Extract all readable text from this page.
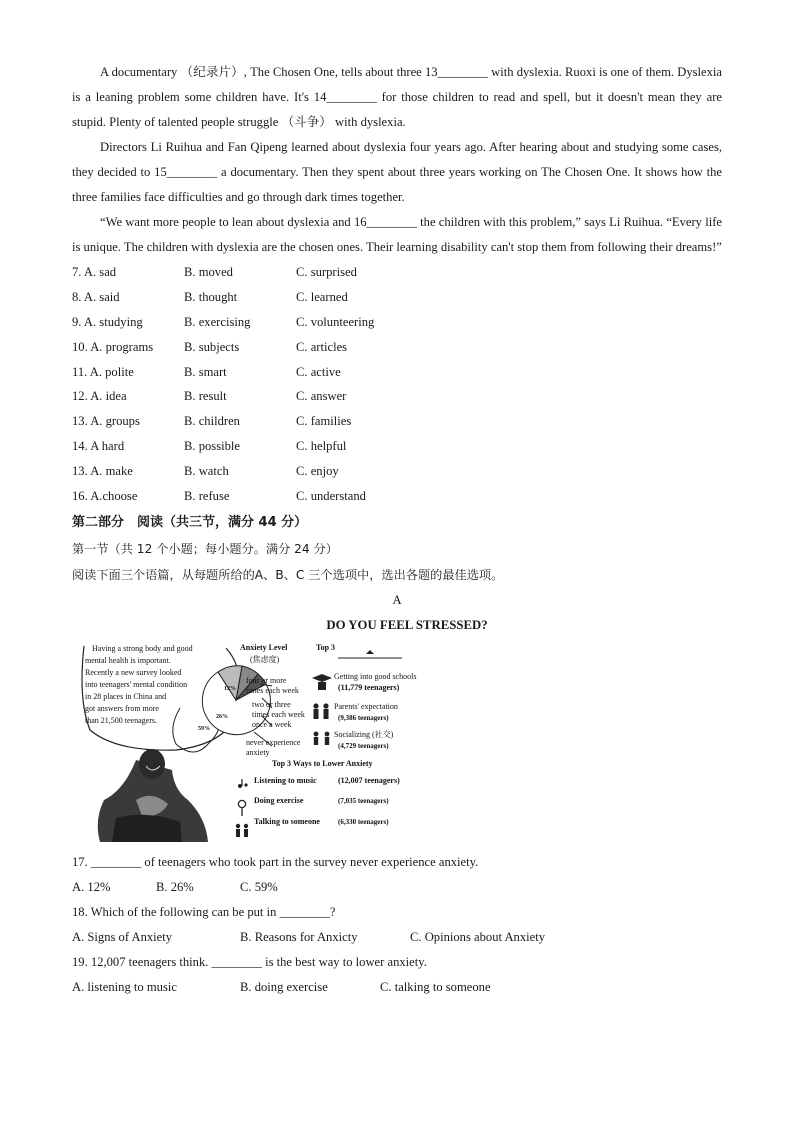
A documentary （纪录片）, The Chosen One, tells about three 13________ with dyslexia. Ruoxi is one of them. Dyslexia is a leaning problem some children have. It's 14________ for those children to read and spell, but it doesn't mean they are stupid. Plenty of talented people struggle （斗争） with dyslexia.

Directors Li Ruihua and Fan Qipeng learned about dyslexia four years ago. After hearing about and studying some cases, they decided to 15________ a documentary. Then they spent about three years working on The Chosen One. It shows how the three families face difficulties and go through dark times together.

“We want more people to lean about dyslexia and 16________ the children with this problem,” says Li Ruihua. “Every life is unique. The children with dyslexia are the chosen ones. Their learning disability can't stop them from following their dreams!”

7. A. sad	B. moved	C. surprised
8. A. said	B. thought	C. learned
9. A. studying	B. exercising	C. volunteering
10. A. programs	B. subjects	C. articles
11. A. polite	B. smart	C. active
12. A. idea	B. result	C. answer
13. A. groups	B. children	C. families
14. A hard	B. possible	C. helpful
13. A. make	B. watch	C. enjoy
16. A.choose	B. refuse	C. understand
第二部分　阅读（共三节，满分 44 分）
第一节（共 12 个小题；每小题分。满分 24 分）
阅读下面三个语篇，从每题所给的A、B、C 三个选项中，选出各题的最佳选项。
A
DO YOU FEEL STRESSED?
Having a strong body and good
mental health is important.
Recently a new survey looked
into teenagers' mental condition
in 28 places in China and
got answers from more
than 21,500 teenagers.
Anxiety Level
(焦虑度)
Top 3
12%
26%
59%
four or more
times each week
two or three
times each week
once a week
never experience
anxiety
Getting into good schools
(11,779 teenagers)
Parents' expectation
(9,386 teenagers)
Socializing (社交)
(4,729 teenagers)
Top 3 Ways to Lower Anxiety
Listening to music	(12,007 teenagers)
Doing exercise	(7,035 teenagers)
Talking to someone	(6,330 teenagers)
17. ________ of teenagers who took part in the survey never experience anxiety.
A. 12%	B. 26%	C. 59%
18. Which of the following can be put in ________?
A. Signs of Anxiety	B. Reasons for Anxicty	C. Opinions about Anxiety
19. 12,007 teenagers think. ________ is the best way to lower anxiety.
A. listening to music	B. doing exercise	C. talking to someone
